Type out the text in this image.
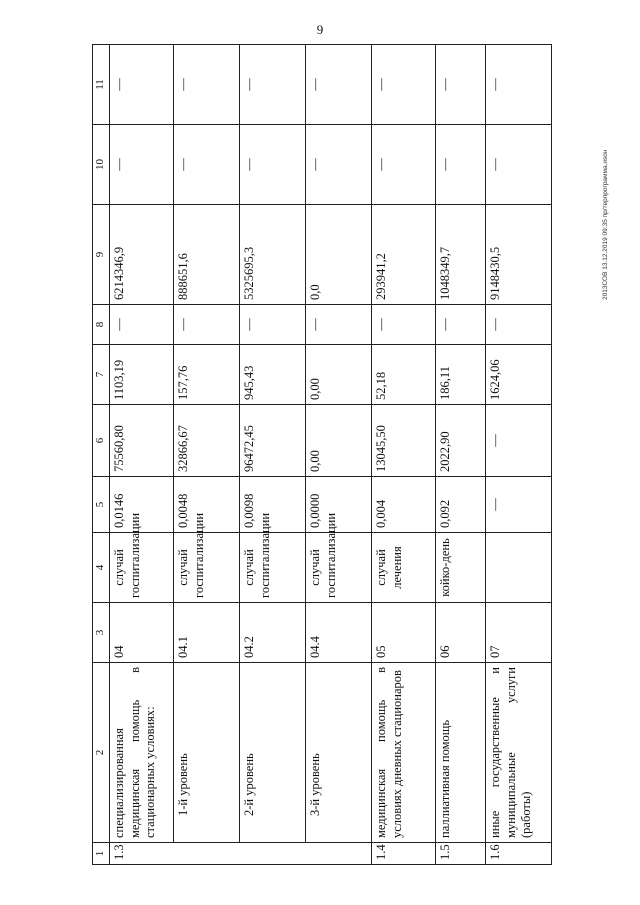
9
2013СОВ 13.12.2019 09:35 пр/терпрограмма.иsoн
1	2	3	4	5	6	7	8	9	10	11
1.3	специализированная медицинская помощь в стационарных условиях:	04	случай госпитализации	0,0146	75560,80	1103,19	—	6214346,9	—	—
	1-й уровень	04.1	случай госпитализации	0,0048	32866,67	157,76	—	888651,6	—	—
	2-й уровень	04.2	случай госпитализации	0,0098	96472,45	945,43	—	5325695,3	—	—
	3-й уровень	04.4	случай госпитализации	0,0000	0,00	0,00	—	0,0	—	—
1.4	медицинская помощь в условиях дневных стационаров	05	случай лечения	0,004	13045,50	52,18	—	293941,2	—	—
1.5	паллиативная помощь	06	койко-день	0,092	2022,90	186,11	—	1048349,7	—	—
1.6	иные государственные и муниципальные услуги (работы)	07		—	—	1624,06	—	9148430,5	—	—
